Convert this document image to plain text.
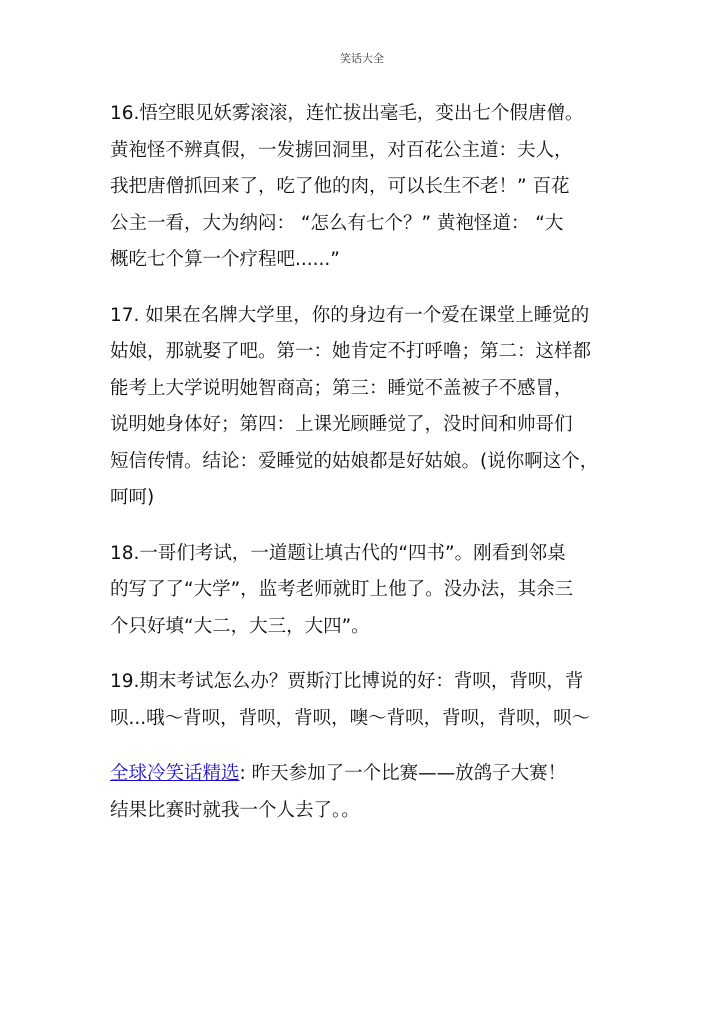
笑话大全
16.悟空眼见妖雾滚滚，连忙拔出毫毛，变出七个假唐僧。
黄袍怪不辨真假，一发掳回洞里，对百花公主道：夫人，
我把唐僧抓回来了，吃了他的肉，可以长生不老！” 百花
公主一看，大为纳闷： “怎么有七个？” 黄袍怪道： “大
概吃七个算一个疗程吧......”
17. 如果在名牌大学里，你的身边有一个爱在课堂上睡觉的
姑娘，那就娶了吧。第一：她肯定不打呼噜；第二：这样都
能考上大学说明她智商高；第三：睡觉不盖被子不感冒，
说明她身体好；第四：上课光顾睡觉了，没时间和帅哥们
短信传情。结论：爱睡觉的姑娘都是好姑娘。(说你啊这个，
呵呵)
18.一哥们考试，一道题让填古代的“四书”。刚看到邻桌
的写了了“大学”，监考老师就盯上他了。没办法，其余三
个只好填“大二，大三，大四”。
19.期末考试怎么办？贾斯汀比博说的好：背呗，背呗，背
呗...哦～背呗，背呗，背呗，噢～背呗，背呗，背呗，呗～
全球冷笑话精选: 昨天参加了一个比赛——放鸽子大赛！
结果比赛时就我一个人去了。。
